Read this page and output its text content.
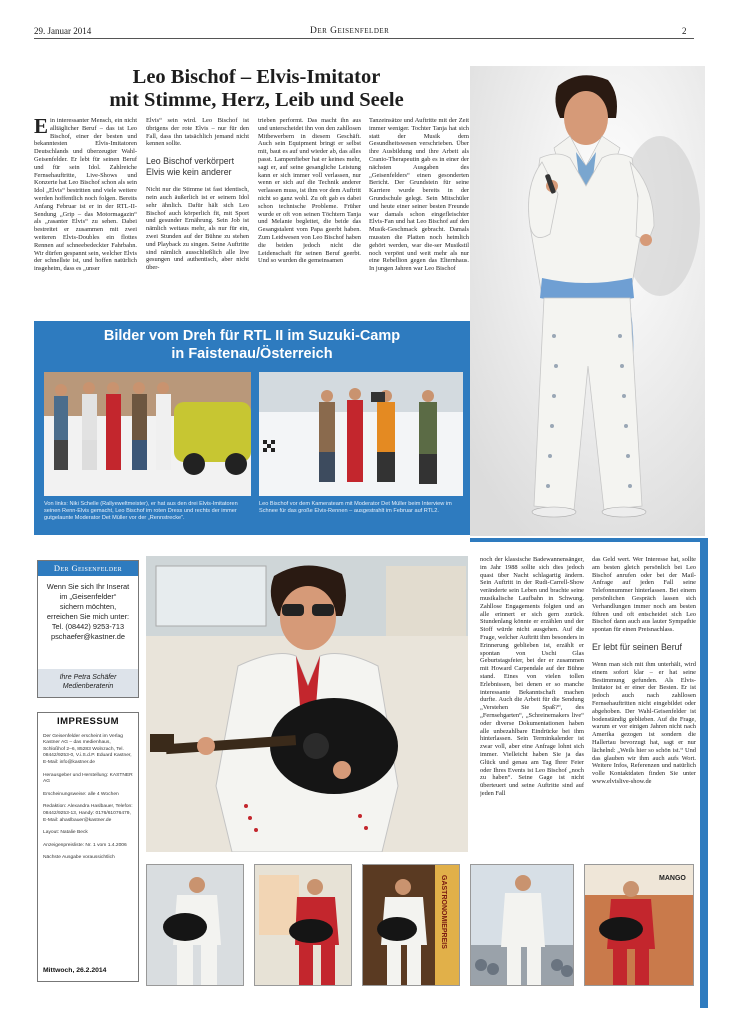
29. Januar 2014	Der Geisenfelder	2
Leo Bischof – Elvis-Imitator
mit Stimme, Herz, Leib und Seele
Ein interessanter Mensch, ein nicht alltäglicher Beruf – das ist Leo Bischof, einer der besten und bekanntesten Elvis-Imitatoren Deutschlands und überzeugter Wahl-Geisenfelder. Er lebt für seinen Beruf und für sein Idol. Zahlreiche Fernsehauftritte, Live-Shows und Konzerte hat Leo Bischof schon als sein Idol „Elvis“ bestritten und viele weitere werden hoffentlich noch folgen. Bereits Anfang Februar ist er in der RTL-II-Sendung „Grip – das Motormagazin“ als „rasanter Elvis“ zu sehen. Dabei bestreitet er zusammen mit zwei weiteren Elvis-Doubles ein flottes Rennen auf schneebedeckter Fahrbahn. Wir dürfen gespannt sein, welcher Elvis der schnellste ist, und hoffen natürlich insgeheim, dass es „unser

Elvis“ sein wird. Leo Bischof ist übrigens der rote Elvis – nur für den Fall, dass ihn tatsächlich jemand nicht kennen sollte.

Leo Bischof verkörpert Elvis wie kein anderer

Nicht nur die Stimme ist fast identisch, nein auch äußerlich ist er seinem Idol sehr ähnlich. Dafür hält sich Leo Bischof auch körperlich fit, mit Sport und gesunder Ernährung. Sein Job ist nämlich weitaus mehr, als nur für ein, zwei Stunden auf der Bühne zu stehen und Playback zu singen. Seine Auftritte sind nämlich ausschließlich alle live gesungen und authentisch, aber nicht über-

trieben performt. Das macht ihn aus und unterscheidet ihn von den zahllosen Mitbewerbern in diesem Geschäft. Auch sein Equipment bringt er selbst mit, baut es auf und wieder ab, das alles passt. Lampenfieber hat er keines mehr, sagt er, auf seine gesangliche Leistung kann er sich immer voll verlassen, nur wenn er sich auf die Technik anderer verlassen muss, ist ihm vor dem Auftritt nicht so ganz wohl. Zu oft gab es dabei schon technische Probleme. Früher wurde er oft von seinen Töchtern Tanja und Melanie begleitet, die beide das Gesangstalent vom Papa geerbt haben. Zum Leidwesen von Leo Bischof haben die beiden jedoch nicht die Leidenschaft für seinen Beruf geerbt. Und so wurden die gemeinsamen

Tanzeinsätze und Auftritte mit der Zeit immer weniger. Tochter Tanja hat sich statt der Musik dem Gesundheitswesen verschrieben. Über ihre Ausbildung und ihre Arbeit als Cranio-Therapeutin gab es in einer der nächsten Ausgaben des „Geisenfelders“ einen gesonderten Bericht. Der Grundstein für seine Karriere wurde bereits in der Grundschule gelegt. Sein Mitschüler und heute einer seiner besten Freunde war damals schon eingefleischter Elvis-Fan und hat Leo Bischof auf den Musik-Geschmack gebracht. Damals mussten die Platten noch heimlich gehört werden, war die-ser Musikstil noch verpönt und weit mehr als nur eine Rebellion gegen das Elternhaus. In jungen Jahren war Leo Bischof

Bilder vom Dreh für RTL II im Suzuki-Camp
in Faistenau/Österreich
Von links: Niki Schelle (Rallyeweltmeister), er hat aus den drei Elvis-Imitatoren seinen Renn-Elvis gemacht, Leo Bischof im roten Dress und rechts der immer gutgelaunte Moderator Det Müller vor der „Rennstrecke“.
Leo Bischof vor dem Kamerateam mit Moderator Det Müller beim Interview im Schnee für das große Elvis-Rennen – ausgestrahlt im Februar auf RTL2.
Der Geisenfelder
Wenn Sie sich Ihr Inserat
im „Geisenfelder“
sichern möchten,
erreichen Sie mich unter:
Tel. (08442) 9253-713
pschaefer@kastner.de
Ihre Petra Schäfer
Medienberaterin
IMPRESSUM
Der Geisenfelder erscheint im Verlag Kastner AG – das medienhaus, Schloßhof 2–6, 85283 Wolnzach, Tel. 08442/9253-0, V.i.S.d.P. Eduard Kastner, E-Mail: info@kastner.de
Herausgeber und Herstellung: KASTNER AG
Erscheinungsweise: alle 4 Wochen
Redaktion: Alexandra Haslbauer, Telefon: 08442/9253-13, Handy: 0176/61076479, E-Mail: ahaslbauer@kastner.de
Layout: Natalie Beck
Anzeigenpreisliste: Nr. 1 vom 1.4.2006
Nächste Ausgabe voraussichtlich
Mittwoch, 26.2.2014

noch der klassische Badewannensänger, im Jahr 1988 sollte sich dies jedoch quasi über Nacht schlagartig ändern. Sein Auftritt in der Rudi-Carrell-Show veränderte sein Leben und brachte seine musikalische Laufbahn in Schwung. Zahllose Engagements folgten und an alle erinnert er sich gern zurück. Stundenlang könnte er erzählen und der Stoff würde nicht ausgehen. Auf die Frage, welcher Auftritt ihm besonders in Erinnerung geblieben ist, erzählt er spontan von Uschi Glas Geburtstagsfeier, bei der er zusammen mit Howard Carpendale auf der Bühne stand. Eines von vielen tollen Erlebnissen, bei denen er so manche interessante Bekanntschaft machen durfte. Auch die Arbeit für die Sendung „Verstehen Sie Spaß?“, des „Fernsehgarten“, „Schreinemakers live“ oder diverse Dokumentationen haben alle unbezahlbare Eindrücke bei ihm hinterlassen. Sein Terminkalender ist zwar voll, aber eine Anfrage lohnt sich immer. Vielleicht haben Sie ja das Glück und genau am Tag Ihrer Feier oder Ihres Events ist Leo Bischof „noch zu haben“. Seine Gage ist nicht überteuert und seine Auftritte sind auf jeden Fall

das Geld wert. Wer Interesse hat, sollte am besten gleich persönlich bei Leo Bischof anrufen oder bei der Mail-Anfrage auf jeden Fall seine Telefonnummer hinterlassen. Bei einem persönlichen Gespräch lassen sich Verhandlungen immer noch am besten führen und oft entscheidet sich Leo Bischof dann auch aus lauter Sympathie spontan für einen Preisnachlass.

Er lebt für seinen Beruf

Wenn man sich mit ihm unterhält, wird einem sofort klar – er hat seine Bestimmung gefunden. Als Elvis-Imitator ist er einer der Besten. Er ist jedoch auch nach zahllosen Fernsehauftritten nicht eingebildet oder abgehoben. Der Wahl-Geisenfelder ist bodenständig geblieben. Auf die Frage, warum er vor einigen Jahren nicht nach Amerika gezogen ist sondern die Hallertau bevorzugt hat, sagt er nur lächelnd: „Weils hier so schön ist.“ Und das glauben wir ihm auch aufs Wort. Weitere Infos, Referenzen und natürlich volle Kontaktdaten finden Sie unter www.elvislive-show.de

GASTRONOMIEPREIS	MANGO
